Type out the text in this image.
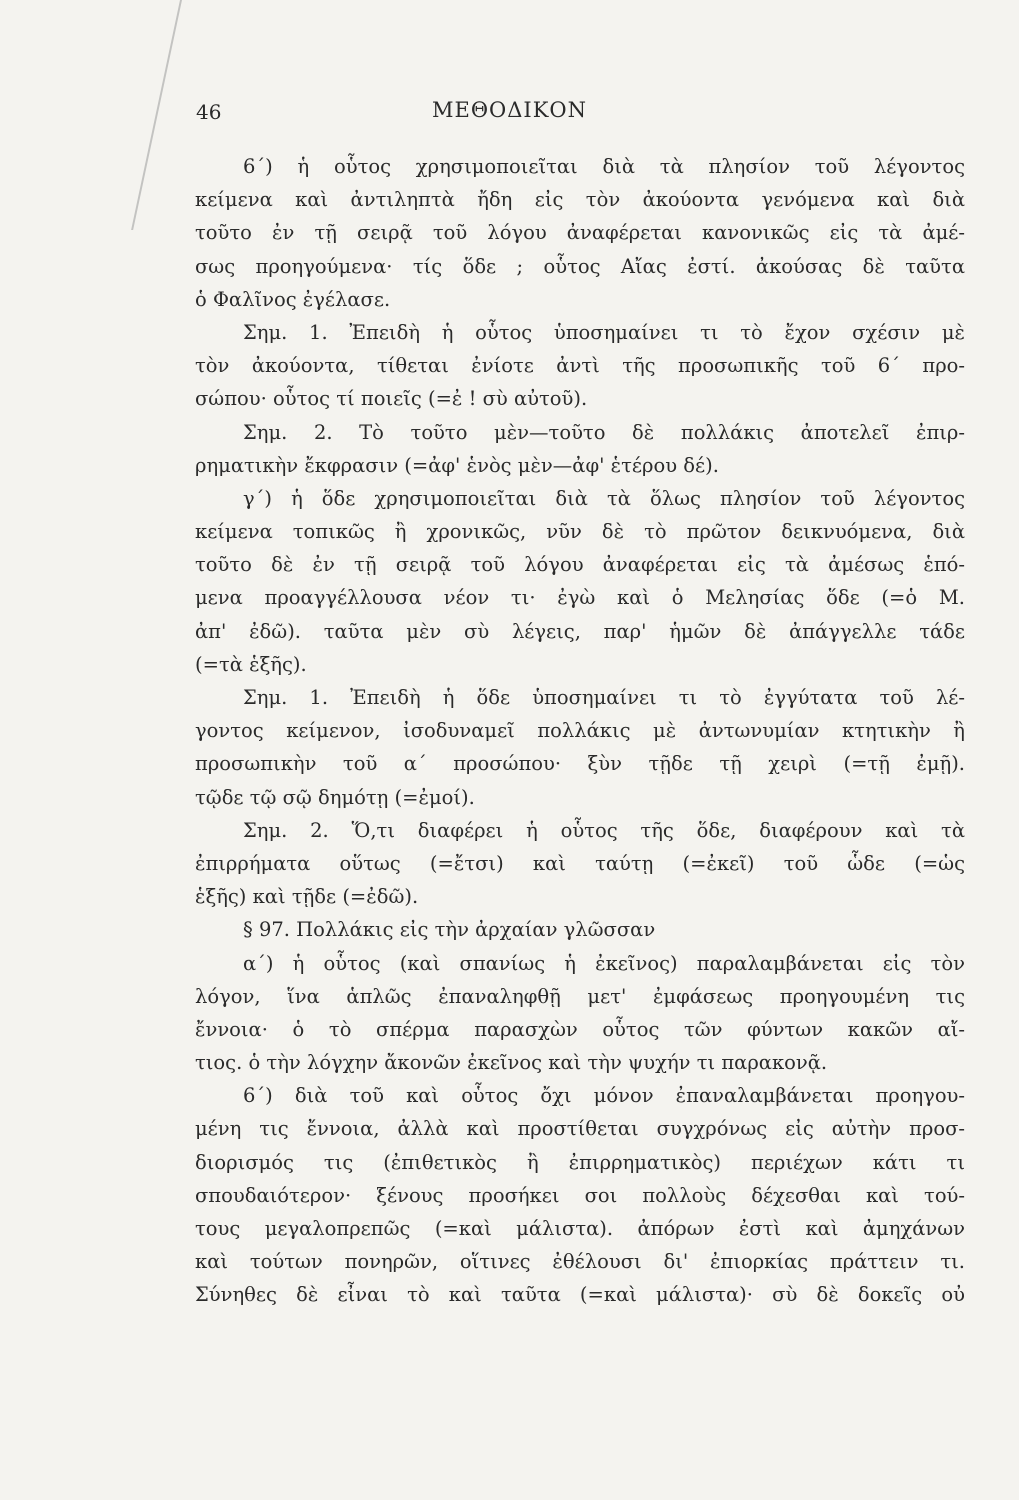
46	ΜΕΘΟΔΙΚΟΝ
6΄) ἡ οὗτος χρησιμοποιεῖται διὰ τὰ πλησίον τοῦ λέγοντος
κείμενα καὶ ἀντιληπτὰ ἤδη εἰς τὸν ἀκούοντα γενόμενα καὶ διὰ
τοῦτο ἐν τῇ σειρᾷ τοῦ λόγου ἀναφέρεται κανονικῶς εἰς τὰ ἀμέ-
σως προηγούμενα· τίς ὅδε ; οὗτος Αἴας ἐστί. ἀκούσας δὲ ταῦτα
ὁ Φαλῖνος ἐγέλασε.
Σημ. 1. Ἐπειδὴ ἡ οὗτος ὑποσημαίνει τι τὸ ἔχον σχέσιν μὲ
τὸν ἀκούοντα, τίθεται ἐνίοτε ἀντὶ τῆς προσωπικῆς τοῦ 6΄ προ-
σώπου· οὗτος τί ποιεῖς (=ἐ ! σὺ αὐτοῦ).
Σημ. 2. Τὸ τοῦτο μὲν—τοῦτο δὲ πολλάκις ἀποτελεῖ ἐπιρ-
ρηματικὴν ἔκφρασιν (=ἀφ' ἑνὸς μὲν—ἀφ' ἑτέρου δέ).
γ΄) ἡ ὅδε χρησιμοποιεῖται διὰ τὰ ὅλως πλησίον τοῦ λέγοντος
κείμενα τοπικῶς ἢ χρονικῶς, νῦν δὲ τὸ πρῶτον δεικνυόμενα, διὰ
τοῦτο δὲ ἐν τῇ σειρᾷ τοῦ λόγου ἀναφέρεται εἰς τὰ ἀμέσως ἑπό-
μενα προαγγέλλουσα νέον τι· ἐγὼ καὶ ὁ Μελησίας ὅδε (=ὁ Μ.
ἀπ' ἐδῶ). ταῦτα μὲν σὺ λέγεις, παρ' ἡμῶν δὲ ἀπάγγελλε τάδε
(=τὰ ἑξῆς).
Σημ. 1. Ἐπειδὴ ἡ ὅδε ὑποσημαίνει τι τὸ ἐγγύτατα τοῦ λέ-
γοντος κείμενον, ἰσοδυναμεῖ πολλάκις μὲ ἀντωνυμίαν κτητικὴν ἢ
προσωπικὴν τοῦ α΄ προσώπου· ξὺν τῇδε τῇ χειρὶ (=τῇ ἐμῇ).
τῷδε τῷ σῷ δημότῃ (=ἐμοί).
Σημ. 2. Ὅ,τι διαφέρει ἡ οὗτος τῆς ὅδε, διαφέρουν καὶ τὰ
ἐπιρρήματα οὕτως (=ἔτσι) καὶ ταύτῃ (=ἐκεῖ) τοῦ ὧδε (=ὡς
ἑξῆς) καὶ τῇδε (=ἐδῶ).
§ 97. Πολλάκις εἰς τὴν ἀρχαίαν γλῶσσαν
α΄) ἡ οὗτος (καὶ σπανίως ἡ ἐκεῖνος) παραλαμβάνεται εἰς τὸν
λόγον, ἵνα ἁπλῶς ἐπαναληφθῇ μετ' ἐμφάσεως προηγουμένη τις
ἔννοια· ὁ τὸ σπέρμα παρασχὼν οὗτος τῶν φύντων κακῶν αἴ-
τιος. ὁ τὴν λόγχην ἄκονῶν ἐκεῖνος καὶ τὴν ψυχήν τι παρακονᾷ.
6΄) διὰ τοῦ καὶ οὗτος ὄχι μόνον ἐπαναλαμβάνεται προηγου-
μένη τις ἔννοια, ἀλλὰ καὶ προστίθεται συγχρόνως εἰς αὐτὴν προσ-
διορισμός τις (ἐπιθετικὸς ἢ ἐπιρρηματικὸς) περιέχων κάτι τι
σπουδαιότερον· ξένους προσήκει σοι πολλοὺς δέχεσθαι καὶ τού-
τους μεγαλοπρεπῶς (=καὶ μάλιστα). ἀπόρων ἐστὶ καὶ ἀμηχάνων
καὶ τούτων πονηρῶν, οἵτινες ἐθέλουσι δι' ἐπιορκίας πράττειν τι.
Σύνηθες δὲ εἶναι τὸ καὶ ταῦτα (=καὶ μάλιστα)· σὺ δὲ δοκεῖς οὐ
